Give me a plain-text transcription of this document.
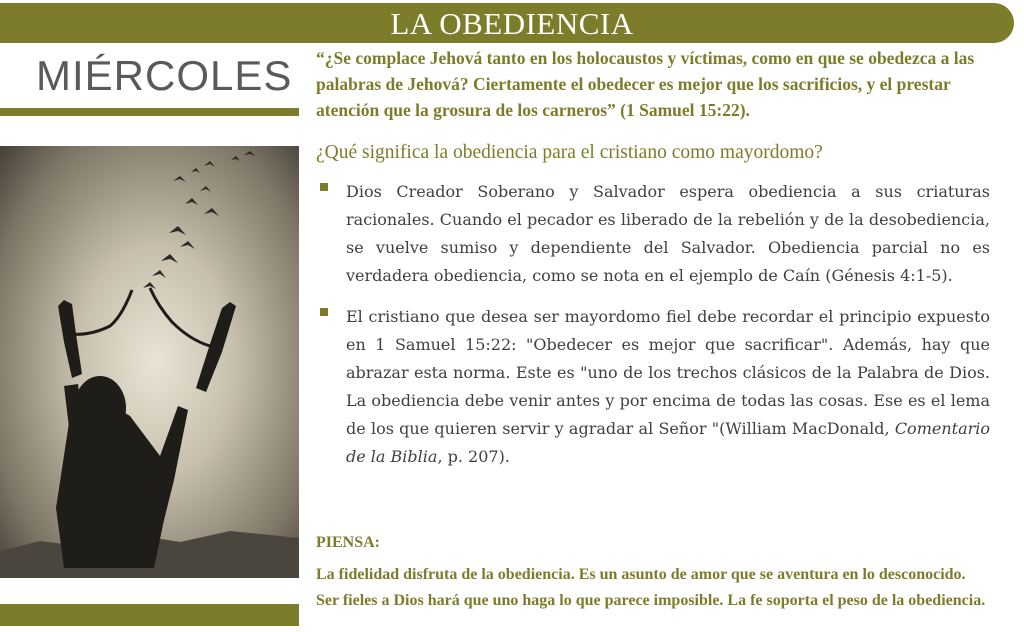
LA OBEDIENCIA
MIÉRCOLES “¿Se complace Jehová tanto en los holocaustos y víctimas, como en que se obedezca a las palabras de Jehová? Ciertamente el obedecer es mejor que los sacrificios, y el prestar atención que la grosura de los carneros” (1 Samuel 15:22).
¿Qué significa la obediencia para el cristiano como mayordomo?
Dios Creador Soberano y Salvador espera obediencia a sus criaturas racionales. Cuando el pecador es liberado de la rebelión y de la desobediencia, se vuelve sumiso y dependiente del Salvador. Obediencia parcial no es verdadera obediencia, como se nota en el ejemplo de Caín (Génesis 4:1-5).
El cristiano que desea ser mayordomo fiel debe recordar el principio expuesto en 1 Samuel 15:22: "Obedecer es mejor que sacrificar". Además, hay que abrazar esta norma. Este es "uno de los trechos clásicos de la Palabra de Dios. La obediencia debe venir antes y por encima de todas las cosas. Ese es el lema de los que quieren servir y agradar al Señor "(William MacDonald, Comentario de la Biblia, p. 207).
PIENSA:
La fidelidad disfruta de la obediencia. Es un asunto de amor que se aventura en lo desconocido. Ser fieles a Dios hará que uno haga lo que parece imposible. La fe soporta el peso de la obediencia.
